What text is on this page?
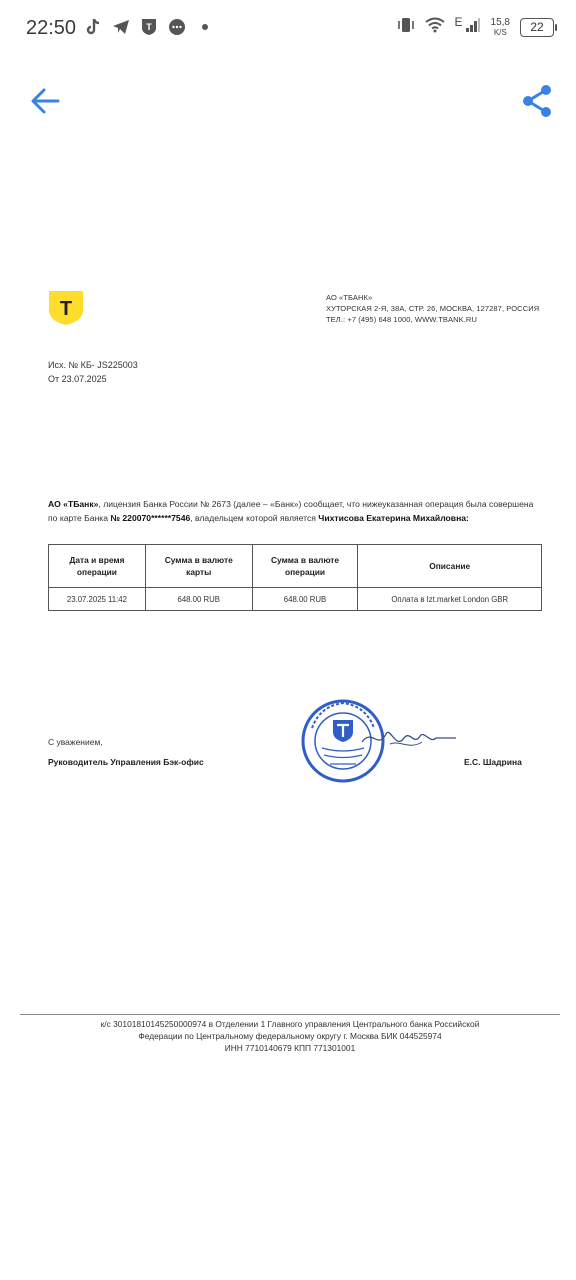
22:50	T	E	15,8
K/S	22
Т
АО «ТБАНК»
ХУТОРСКАЯ 2-Я, 38А, СТР. 26, МОСКВА, 127287, РОССИЯ
ТЕЛ.: +7 (495) 648 1000, WWW.TBANK.RU
Исх. № КБ- JS225003
От 23.07.2025
АО «ТБанк», лицензия Банка России № 2673 (далее – «Банк») сообщает, что нижеуказанная операция была совершена по карте Банка № 220070******7546, владельцем которой является Чихтисова Екатерина Михайловна:
Дата и время операции	Сумма в валюте карты	Сумма в валюте операции	Описание
23.07.2025 11:42	648.00 RUB	648.00 RUB	Оплата в Izt.market London GBR
С уважением,
Руководитель Управления Бэк-офис	Е.С. Шадрина
к/с 30101810145250000974 в Отделении 1 Главного управления Центрального банка Российской
Федерации по Центральному федеральному округу г. Москва БИК 044525974
ИНН 7710140679 КПП 771301001
